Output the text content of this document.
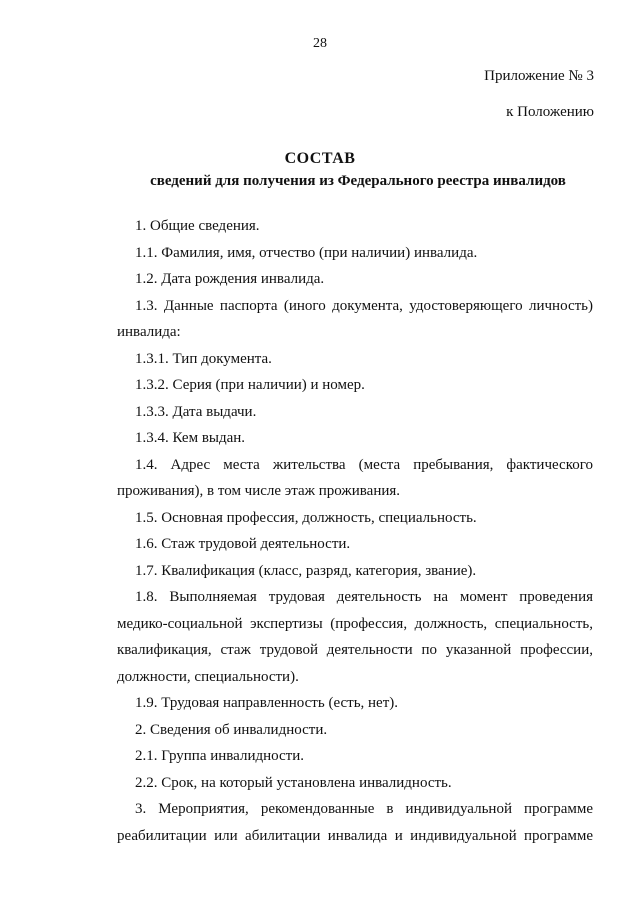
28
Приложение № 3
к Положению
СОСТАВ
сведений для получения из Федерального реестра инвалидов

1. Общие сведения.

1.1. Фамилия, имя, отчество (при наличии) инвалида.

1.2. Дата рождения инвалида.

1.3. Данные паспорта (иного документа, удостоверяющего личность) инвалида:

1.3.1. Тип документа.

1.3.2. Серия (при наличии) и номер.

1.3.3. Дата выдачи.

1.3.4. Кем выдан.

1.4. Адрес места жительства (места пребывания, фактического проживания), в том числе этаж проживания.

1.5. Основная профессия, должность, специальность.

1.6. Стаж трудовой деятельности.

1.7. Квалификация (класс, разряд, категория, звание).

1.8. Выполняемая трудовая деятельность на момент проведения медико-социальной экспертизы (профессия, должность, специальность, квалификация, стаж трудовой деятельности по указанной профессии, должности, специальности).

1.9. Трудовая направленность (есть, нет).

2. Сведения об инвалидности.

2.1. Группа инвалидности.

2.2. Срок, на который установлена инвалидность.

3. Мероприятия, рекомендованные в индивидуальной программе реабилитации или абилитации инвалида и индивидуальной программе
